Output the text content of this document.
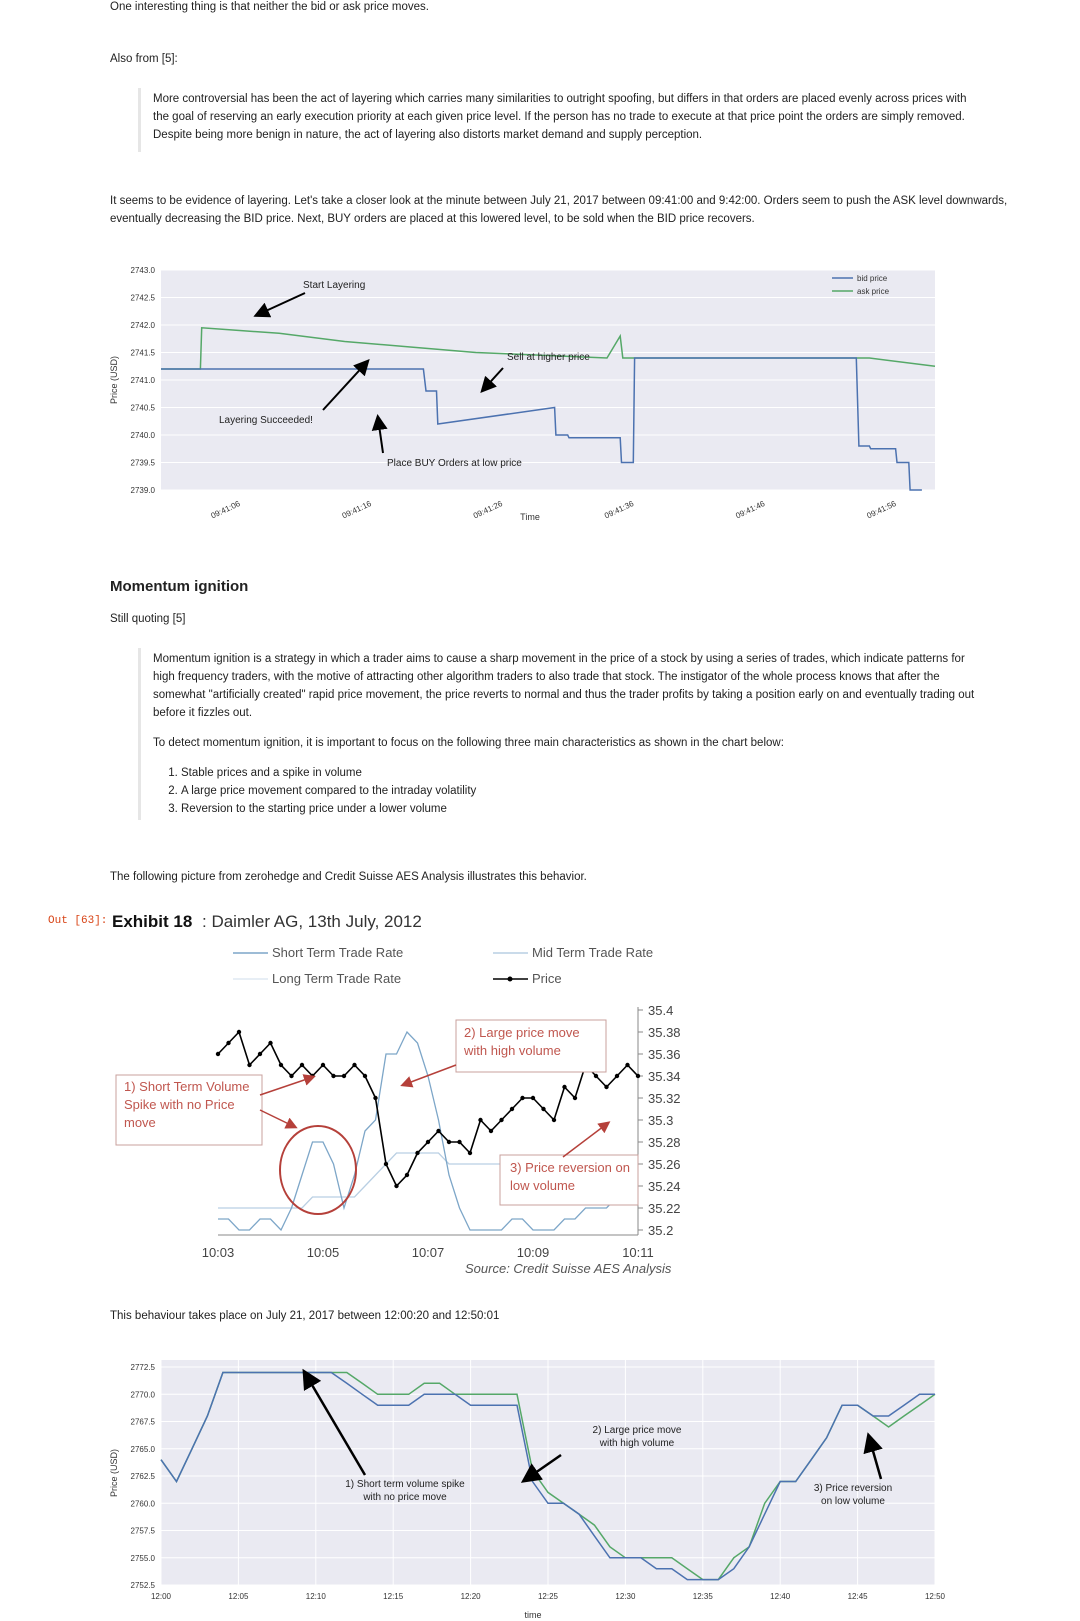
One interesting thing is that neither the bid or ask price moves.
Also from [5]:
More controversial has been the act of layering which carries many similarities to outright spoofing, but differs in that orders are placed evenly across prices with the goal of reserving an early execution priority at each given price level. If the person has no trade to execute at that price point the orders are simply removed. Despite being more benign in nature, the act of layering also distorts market demand and supply perception.
It seems to be evidence of layering. Let's take a closer look at the minute between July 21, 2017 between 09:41:00 and 9:42:00. Orders seem to push the ASK level downwards, eventually decreasing the BID price. Next, BUY orders are placed at this lowered level, to be sold when the BID price recovers.
2739.0
2739.5
2740.0
2740.5
2741.0
2741.5
2742.0
2742.5
2743.0
09:41:06	09:41:16	09:41:26	09:41:36	09:41:46	09:41:56
Price (USD)
Time
bid price
ask price
Start Layering
Layering Succeeded!
Place BUY Orders at low price
Sell at higher price
Momentum ignition
Still quoting [5]
Momentum ignition is a strategy in which a trader aims to cause a sharp movement in the price of a stock by using a series of trades, which indicate patterns for high frequency traders, with the motive of attracting other algorithm traders to also trade that stock. The instigator of the whole process knows that after the somewhat "artificially created" rapid price movement, the price reverts to normal and thus the trader profits by taking a position early on and eventually trading out before it fizzles out.
To detect momentum ignition, it is important to focus on the following three main characteristics as shown in the chart below:
1. Stable prices and a spike in volume
2. A large price movement compared to the intraday volatility
3. Reversion to the starting price under a lower volume
The following picture from zerohedge and Credit Suisse AES Analysis illustrates this behavior.
Out [63]: Exhibit 18 : Daimler AG, 13th July, 2012
Short Term Trade Rate	Mid Term Trade Rate
Long Term Trade Rate	Price
35.4
35.38
35.36
35.34
35.32
35.3
35.28
35.26
35.24
35.22
35.2
10:03	10:05	10:07	10:09	10:11
1) Short Term Volume Spike with no Price move
2) Large price move with high volume
3) Price reversion on low volume
Source: Credit Suisse AES Analysis
This behaviour takes place on July 21, 2017 between 12:00:20 and 12:50:01
2752.5
2755.0
2757.5
2760.0
2762.5
2765.0
2767.5
2770.0
2772.5
12:00	12:05	12:10	12:15	12:20	12:25	12:30	12:35	12:40	12:45	12:50
Price (USD)
time
1) Short term volume spike
with no price move
2) Large price move
with high volume
3) Price reversion
on low volume
